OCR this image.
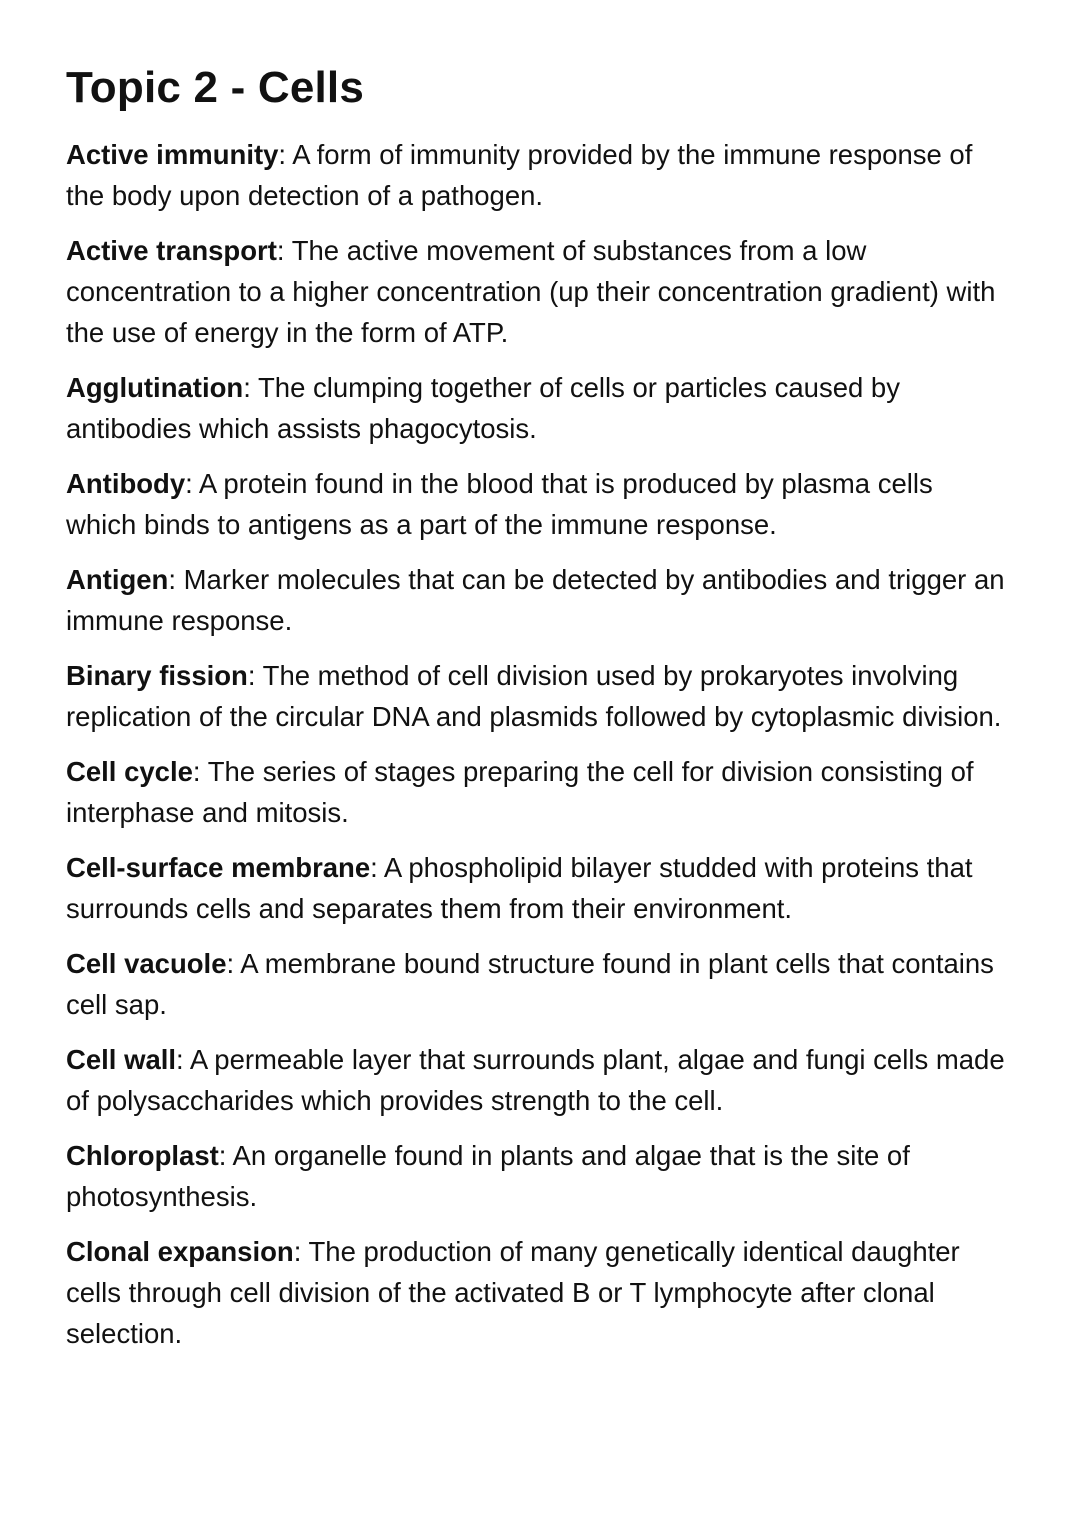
Topic 2 - Cells
Active immunity: A form of immunity provided by the immune response of the body upon detection of a pathogen.
Active transport: The active movement of substances from a low concentration to a higher concentration (up their concentration gradient) with the use of energy in the form of ATP.
Agglutination: The clumping together of cells or particles caused by antibodies which assists phagocytosis.
Antibody: A protein found in the blood that is produced by plasma cells which binds to antigens as a part of the immune response.
Antigen: Marker molecules that can be detected by antibodies and trigger an immune response.
Binary fission: The method of cell division used by prokaryotes involving replication of the circular DNA and plasmids followed by cytoplasmic division.
Cell cycle: The series of stages preparing the cell for division consisting of interphase and mitosis.
Cell-surface membrane: A phospholipid bilayer studded with proteins that surrounds cells and separates them from their environment.
Cell vacuole: A membrane bound structure found in plant cells that contains cell sap.
Cell wall: A permeable layer that surrounds plant, algae and fungi cells made of polysaccharides which provides strength to the cell.
Chloroplast: An organelle found in plants and algae that is the site of photosynthesis.
Clonal expansion: The production of many genetically identical daughter cells through cell division of the activated B or T lymphocyte after clonal selection.
